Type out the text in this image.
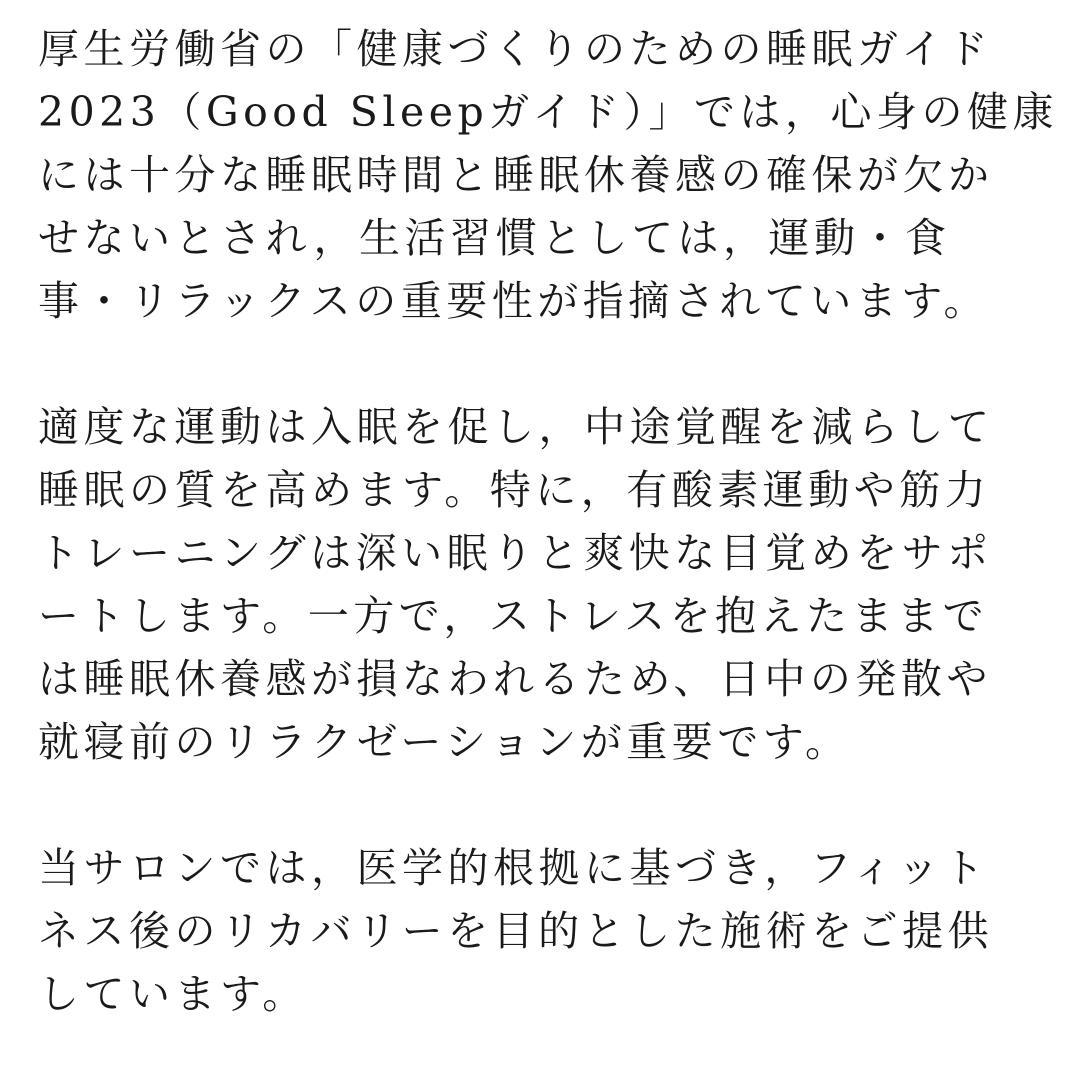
厚生労働省の「健康づくりのための睡眠ガイド
2023（Good Sleepガイド）」では，心身の健康
には十分な睡眠時間と睡眠休養感の確保が欠か
せないとされ，生活習慣としては，運動・食
事・リラックスの重要性が指摘されています。
適度な運動は入眠を促し，中途覚醒を減らして
睡眠の質を高めます。特に，有酸素運動や筋力
トレーニングは深い眠りと爽快な目覚めをサポ
ートします。一方で，ストレスを抱えたままで
は睡眠休養感が損なわれるため、日中の発散や
就寝前のリラクゼーションが重要です。
当サロンでは，医学的根拠に基づき，フィット
ネス後のリカバリーを目的とした施術をご提供
しています。
